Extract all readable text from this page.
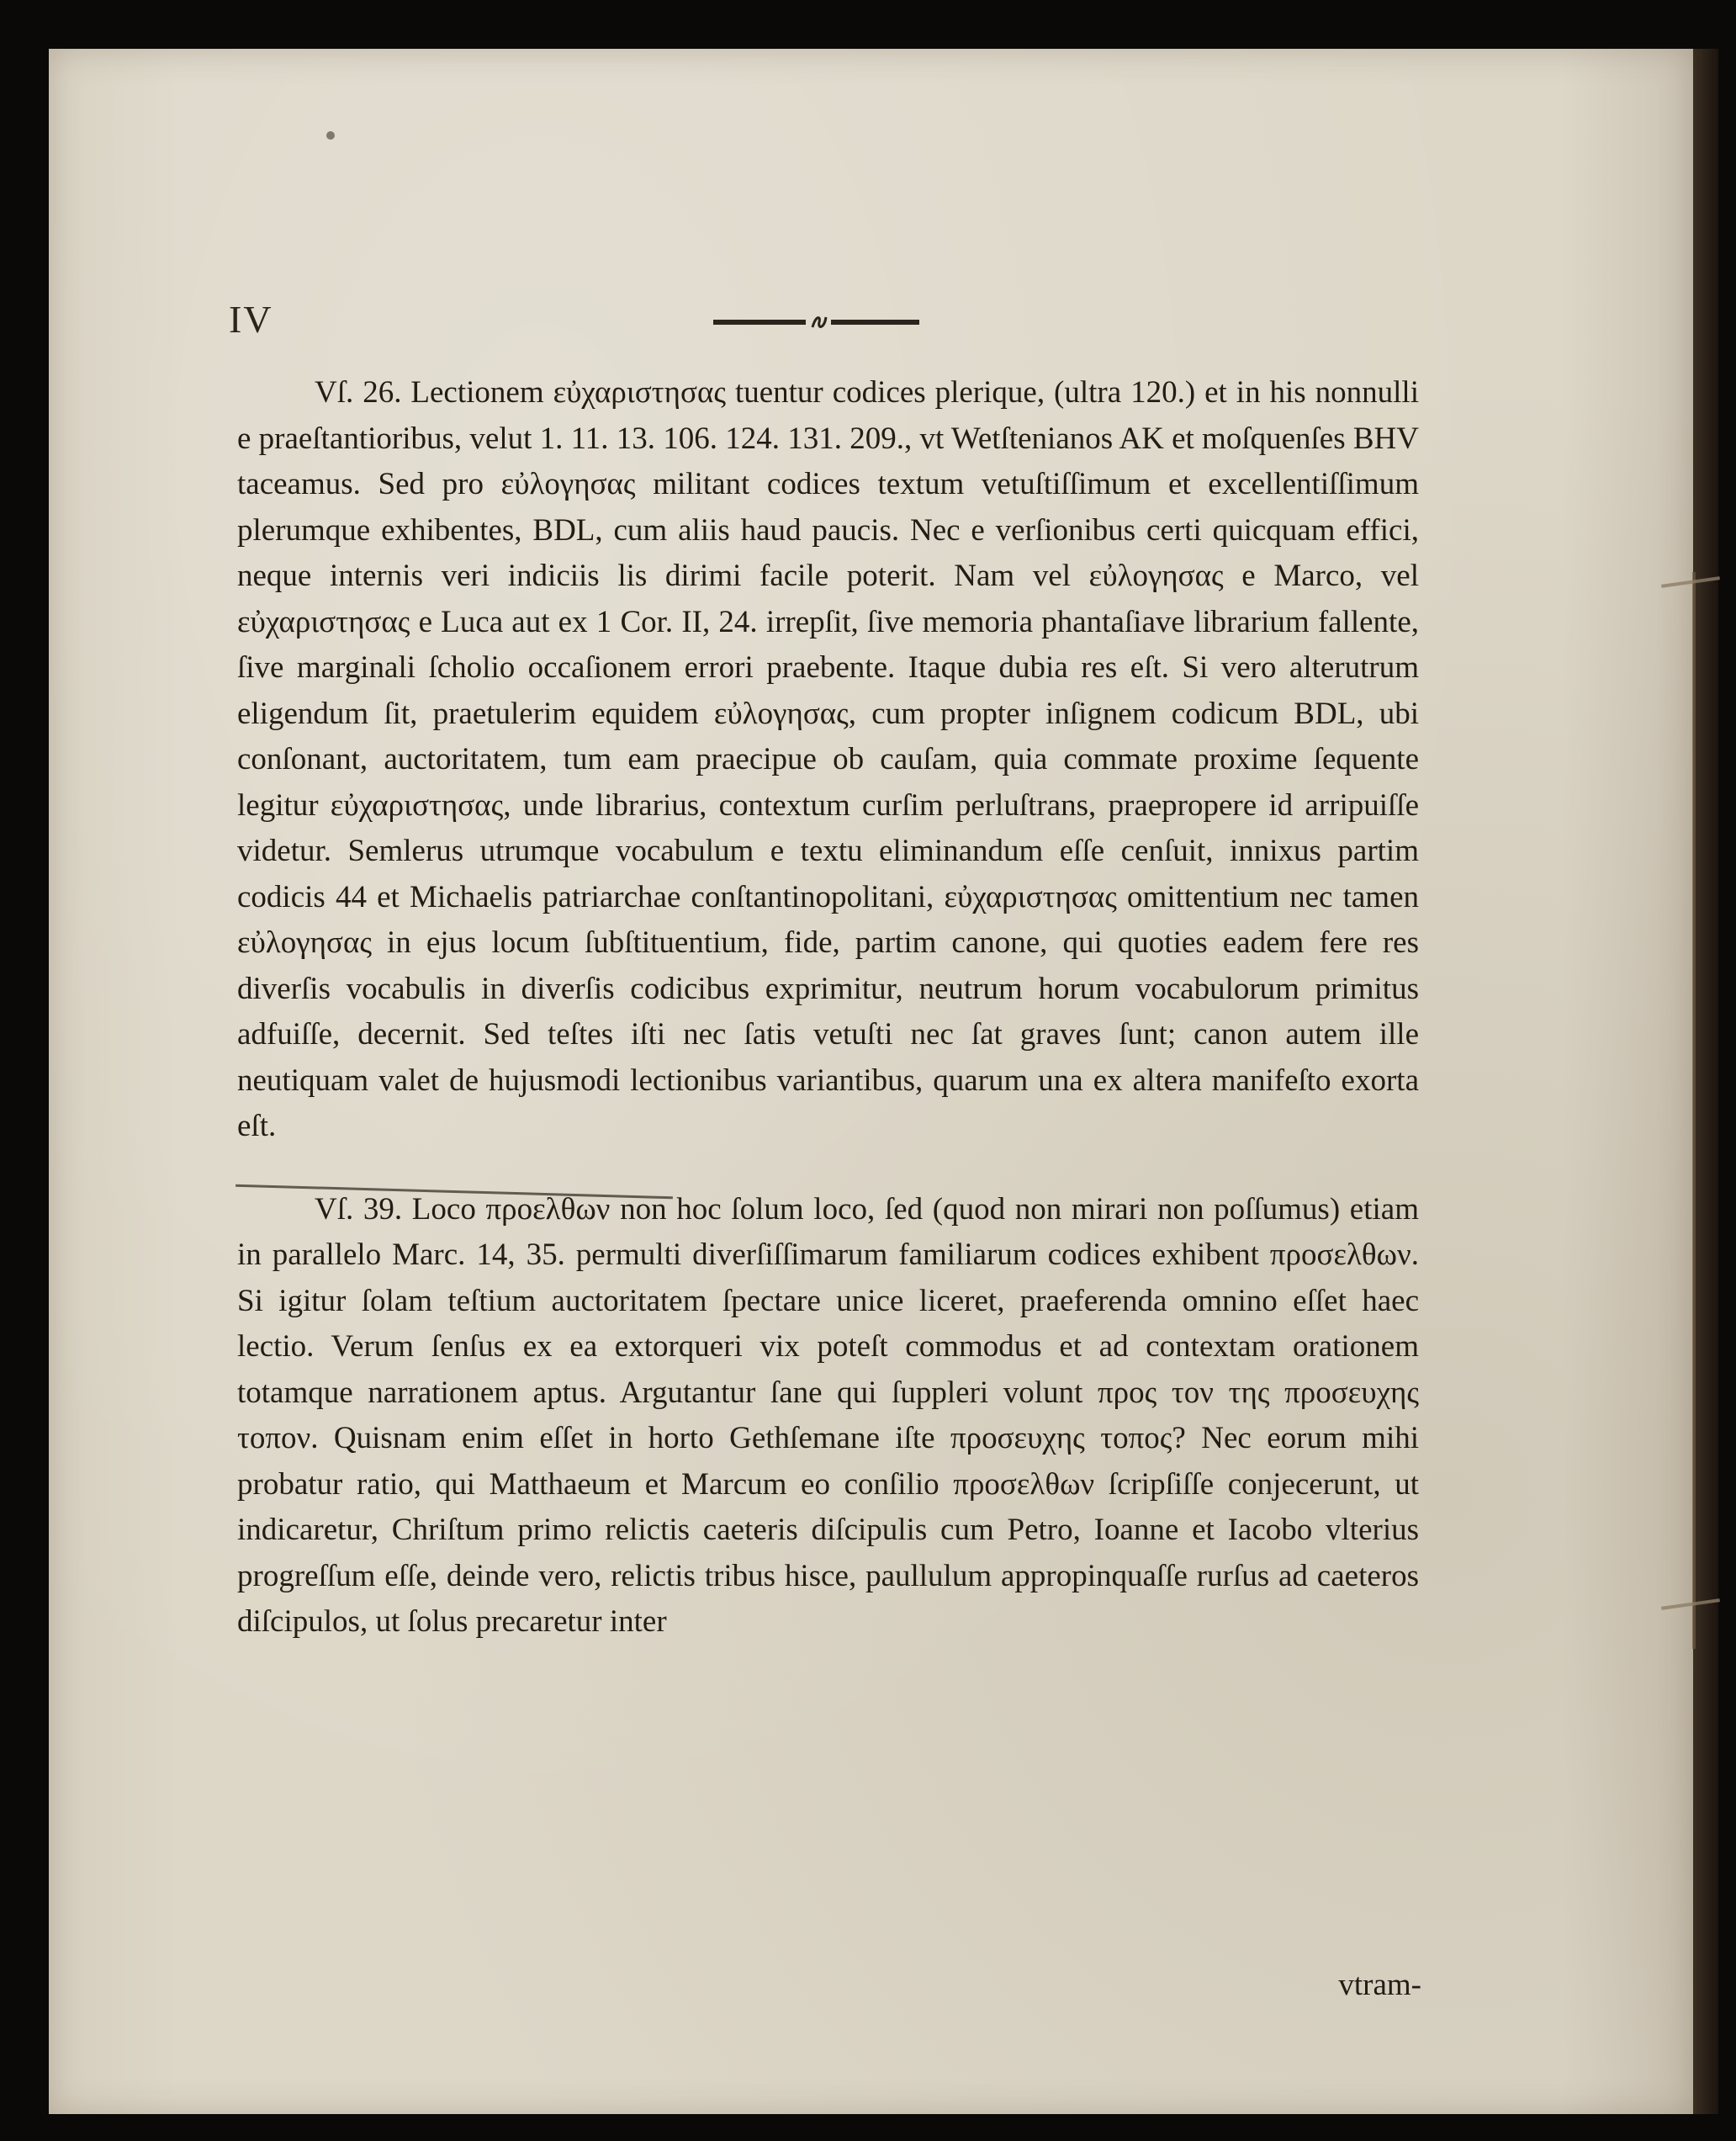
IV

Vſ. 26. Lectionem εὐχαριστησας tuentur codices plerique, (ultra 120.) et in his nonnulli e praeſtantioribus, velut 1. 11. 13. 106. 124. 131. 209., vt Wetſtenianos AK et moſquenſes BHV taceamus. Sed pro εὐλογησας militant codices textum vetuſtiſſimum et excellentiſſimum plerumque exhibentes, BDL, cum aliis haud paucis. Nec e verſionibus certi quicquam effici, neque internis veri indiciis lis dirimi facile poterit. Nam vel εὐλογησας e Marco, vel εὐχαριστησας e Luca aut ex 1 Cor. II, 24. irrepſit, ſive memoria phantaſiave librarium fallente, ſive marginali ſcholio occaſionem errori praebente. Itaque dubia res eſt. Si vero alterutrum eligendum ſit, praetulerim equidem εὐλογησας, cum propter inſignem codicum BDL, ubi conſonant, auctoritatem, tum eam praecipue ob cauſam, quia commate proxime ſequente legitur εὐχαριστησας, unde librarius, contextum curſim perluſtrans, praepropere id arripuiſſe videtur. Semlerus utrumque vocabulum e textu eliminandum eſſe cenſuit, innixus partim codicis 44 et Michaelis patriarchae conſtantinopolitani, εὐχαριστησας omittentium nec tamen εὐλογησας in ejus locum ſubſtituentium, fide, partim canone, qui quoties eadem fere res diverſis vocabulis in diverſis codicibus exprimitur, neutrum horum vocabulorum primitus adfuiſſe, decernit. Sed teſtes iſti nec ſatis vetuſti nec ſat graves ſunt; canon autem ille neutiquam valet de hujusmodi lectionibus variantibus, quarum una ex altera manifeſto exorta eſt.

Vſ. 39. Loco προελθων non hoc ſolum loco, ſed (quod non mirari non poſſumus) etiam in parallelo Marc. 14, 35. permulti diverſiſſimarum familiarum codices exhibent προσελθων. Si igitur ſolam teſtium auctoritatem ſpectare unice liceret, praeferenda omnino eſſet haec lectio. Verum ſenſus ex ea extorqueri vix poteſt commodus et ad contextam orationem totamque narrationem aptus. Argutantur ſane qui ſuppleri volunt προς τον της προσευχης τοπον. Quisnam enim eſſet in horto Gethſemane iſte προσευχης τοπος? Nec eorum mihi probatur ratio, qui Matthaeum et Marcum eo conſilio προσελθων ſcripſiſſe conjecerunt, ut indicaretur, Chriſtum primo relictis caeteris diſcipulis cum Petro, Ioanne et Iacobo vlterius progreſſum eſſe, deinde vero, relictis tribus hisce, paullulum appropinquaſſe rurſus ad caeteros diſcipulos, ut ſolus precaretur inter

vtram-
